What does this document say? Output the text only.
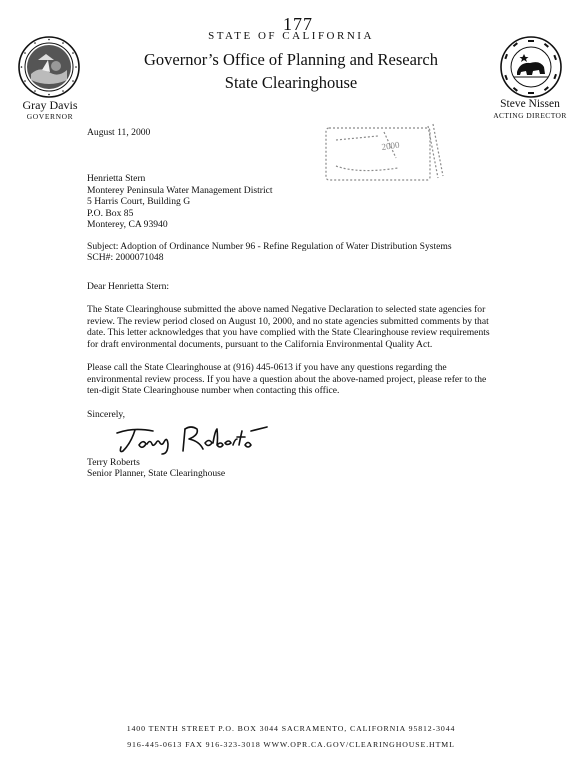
177
STATE OF CALIFORNIA
Governor’s Office of Planning and Research
State Clearinghouse
Gray Davis
GOVERNOR
Steve Nissen
ACTING DIRECTOR
2000
August 11, 2000
Henrietta Stern
Monterey Peninsula Water Management District
5 Harris Court, Building G
P.O. Box 85
Monterey, CA 93940
Subject: Adoption of Ordinance Number 96 - Refine Regulation of Water Distribution Systems
SCH#: 2000071048
Dear Henrietta Stern:
The State Clearinghouse submitted the above named Negative Declaration to selected state agencies for
review. The review period closed on August 10, 2000, and no state agencies submitted comments by that
date. This letter acknowledges that you have complied with the State Clearinghouse review requirements
for draft environmental documents, pursuant to the California Environmental Quality Act.
Please call the State Clearinghouse at (916) 445-0613 if you have any questions regarding the
environmental review process. If you have a question about the above-named project, please refer to the
ten-digit State Clearinghouse number when contacting this office.
Sincerely,
Terry Roberts
Senior Planner, State Clearinghouse
1400 TENTH STREET P.O. BOX 3044 SACRAMENTO, CALIFORNIA 95812-3044
916-445-0613 FAX 916-323-3018 WWW.OPR.CA.GOV/CLEARINGHOUSE.HTML
